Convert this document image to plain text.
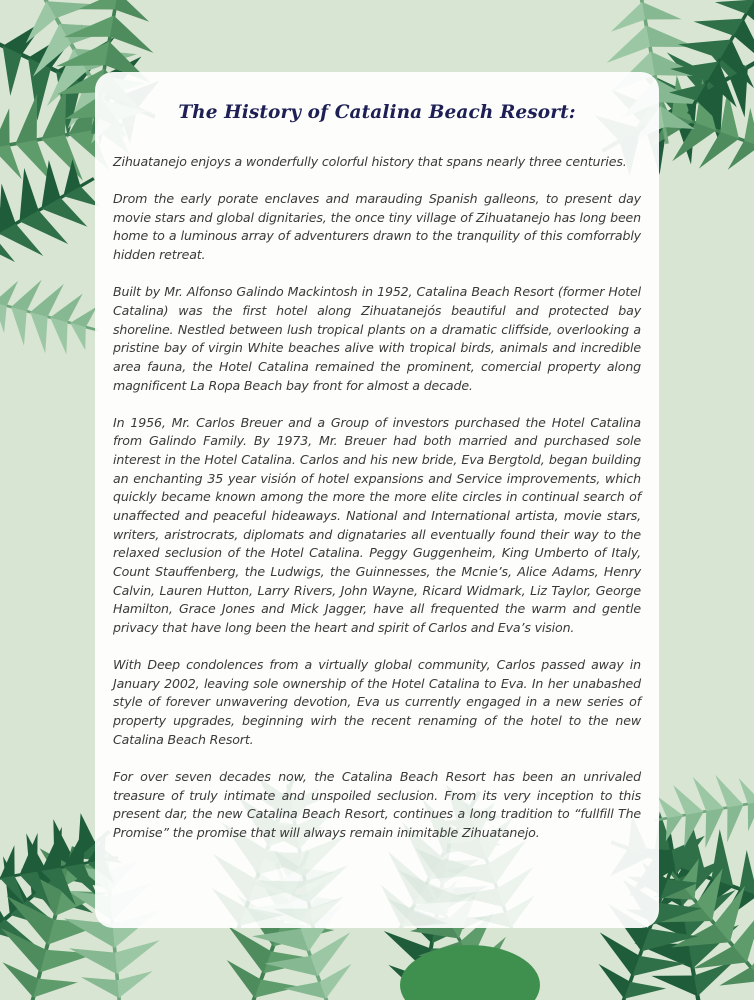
The History of Catalina Beach Resort:

Zihuatanejo enjoys a wonderfully colorful history that spans nearly three centuries.

Drom the early porate enclaves and marauding Spanish galleons, to present day movie stars and global dignitaries, the once tiny village of Zihuatanejo has long been home to a luminous array of adventurers drawn to the tranquility of this comforrably hidden retreat.

Built by Mr. Alfonso Galindo Mackintosh in 1952, Catalina Beach Resort (former Hotel Catalina) was the first hotel along Zihuatanejós beautiful and protected bay shoreline. Nestled between lush tropical plants on a dramatic cliffside, overlooking a pristine bay of virgin White beaches alive with tropical birds, animals and incredible area fauna, the Hotel Catalina remained the prominent, comercial property along magnificent La Ropa Beach bay front for almost a decade.

In 1956, Mr. Carlos Breuer and a Group of investors purchased the Hotel Catalina from Galindo Family. By 1973, Mr. Breuer had both married and purchased sole interest in the Hotel Catalina. Carlos and his new bride, Eva Bergtold, began building an enchanting 35 year visión of hotel expansions and Service improvements, which quickly became known among the more the more elite circles in continual search of unaffected and peaceful hideaways. National and International artista, movie stars, writers, aristrocrats, diplomats and dignataries all eventually found their way to the relaxed seclusion of the Hotel Catalina. Peggy Guggenheim, King Umberto of Italy, Count Stauffenberg, the Ludwigs, the Guinnesses, the Mcnie’s, Alice Adams, Henry Calvin, Lauren Hutton, Larry Rivers, John Wayne, Ricard Widmark, Liz Taylor, George Hamilton, Grace Jones and Mick Jagger, have all frequented the warm and gentle privacy that have long been the heart and spirit of Carlos and Eva’s vision.

With Deep condolences from a virtually global community, Carlos passed away in January 2002, leaving sole ownership of the Hotel Catalina to Eva. In her unabashed style of forever unwavering devotion, Eva us currently engaged in a new series of property upgrades, beginning wirh the recent renaming of the hotel to the new Catalina Beach Resort.

For over seven decades now, the Catalina Beach Resort has been an unrivaled treasure of truly intimate and unspoiled seclusion. From its very inception to this present dar, the new Catalina Beach Resort, continues a long tradition to “fullfill The Promise” the promise that will always remain inimitable Zihuatanejo.
